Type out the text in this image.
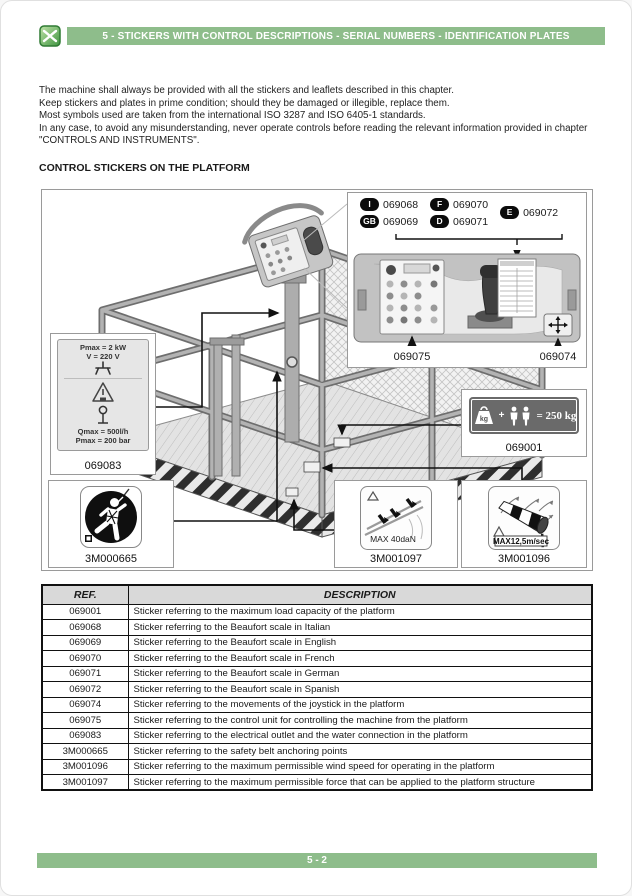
5 - STICKERS WITH CONTROL DESCRIPTIONS - SERIAL NUMBERS - IDENTIFICATION PLATES
The machine shall always be provided with all the stickers and leaflets described in this chapter.
Keep stickers and plates in prime condition; should they be damaged or illegible, replace them.
Most symbols used are taken from the international ISO 3287 and ISO 6405-1 standards.
In any case, to avoid any misunderstanding, never operate controls before reading the relevant information provided in chapter "CONTROLS AND INSTRUMENTS".
CONTROL STICKERS ON THE PLATFORM
I	069068
GB 069069
F	069070
D 069071
E	069072

069075	069074
Pmax = 2 kW
V = 220 V
Qmax = 500l/h
Pmax = 200 bar
069083
kg +	= 250 kg
069001
3M000665
MAX 40daN
3M001097
MAX12,5m/sec
3M001096
REF.	DESCRIPTION
069001	Sticker referring to the maximum load capacity of the platform
069068	Sticker referring to the Beaufort scale in Italian
069069	Sticker referring to the Beaufort scale in English
069070	Sticker referring to the Beaufort scale in French
069071	Sticker referring to the Beaufort scale in German
069072	Sticker referring to the Beaufort scale in Spanish
069074	Sticker referring to the movements of the joystick in the platform
069075	Sticker referring to the control unit for controlling the machine from the platform
069083	Sticker referring to the electrical outlet and the water connection in the platform
3M000665	Sticker referring to the safety belt anchoring points
3M001096	Sticker referring to the maximum permissible wind speed for operating in the platform
3M001097	Sticker referring to the maximum permissible force that can be applied to the platform structure
5 - 2
